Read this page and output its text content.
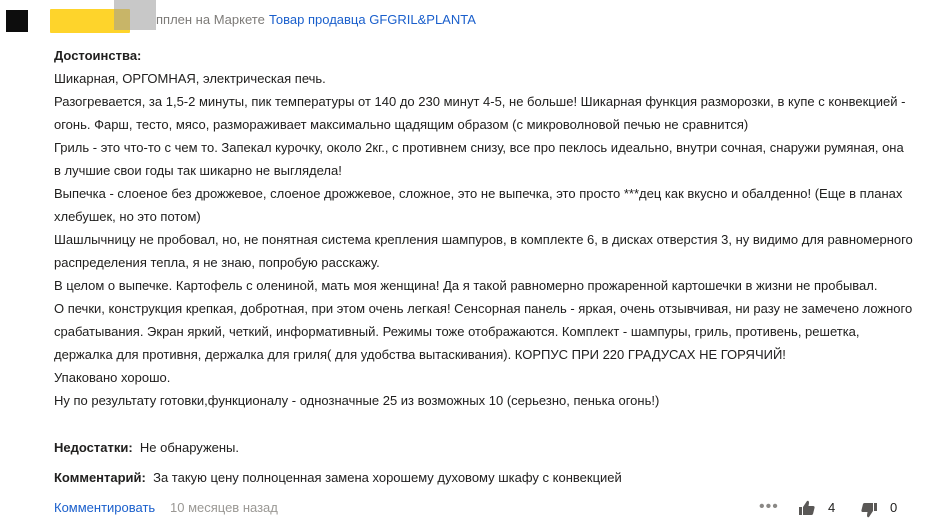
пплен на Маркете Товар продавца GFGRIL&PLANTA
Достоинства:

Шикарная, ОРГОМНАЯ, электрическая печь.

Разогревается, за 1,5-2 минуты, пик температуры от 140 до 230 минут 4-5, не больше! Шикарная функция разморозки, в купе с конвекцией - огонь. Фарш, тесто, мясо, размораживает максимально щадящим образом (с микроволновой печью не сравнится)

Гриль - это что-то с чем то. Запекал курочку, около 2кг., с противнем снизу, все про пеклось идеально, внутри сочная, снаружи румяная, она в лучшие свои годы так шикарно не выглядела!

Выпечка - слоеное без дрожжевое, слоеное дрожжевое, сложное, это не выпечка, это просто ***дец как вкусно и обалденно! (Еще в планах хлебушек, но это потом)

Шашлычницу не пробовал, но, не понятная система крепления шампуров, в комплекте 6, в дисках отверстия 3, ну видимо для равномерного распределения тепла, я не знаю, попробую расскажу.

В целом о выпечке. Картофель с олениной, мать моя женщина! Да я такой равномерно прожаренной картошечки в жизни не пробывал.

О печки, конструкция крепкая, добротная, при этом очень легкая! Сенсорная панель - яркая, очень отзывчивая, ни разу не замечено ложного срабатывания. Экран яркий, четкий, информативный. Режимы тоже отображаются. Комплект - шампуры, гриль, противень, решетка, держалка для противня, держалка для гриля( для удобства вытаскивания). КОРПУС ПРИ 220 ГРАДУСАХ НЕ ГОРЯЧИЙ!

Упаковано хорошо.

Ну по результату готовки,функционалу - однозначные 25 из возможных 10 (серьезно, пенька огонь!)

Недостатки: Не обнаружены.
Комментарий: За такую цену полноценная замена хорошему духовому шкафу с конвекцией
Комментировать 10 месяцев назад	•••	4	0
